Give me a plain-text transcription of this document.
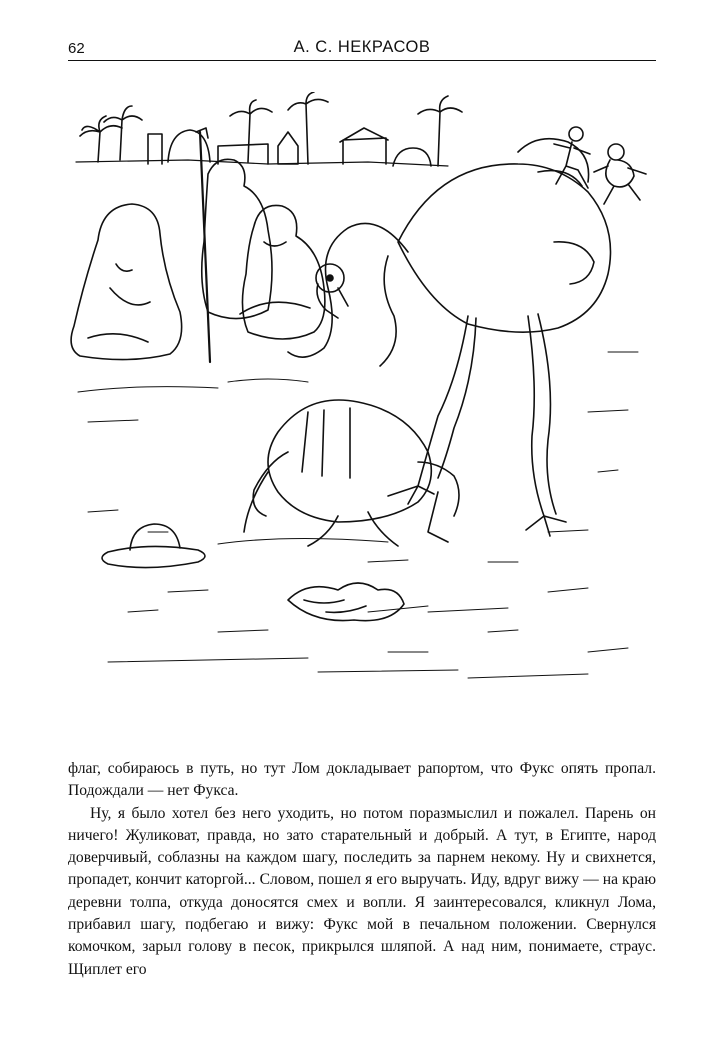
62	А. С. НЕКРАСОВ

флаг, собираюсь в путь, но тут Лом докладывает рапортом, что Фукс опять пропал. Подождали — нет Фукса.

Ну, я было хотел без него уходить, но потом поразмыслил и пожалел. Парень он ничего! Жуликоват, правда, но зато старательный и добрый. А тут, в Египте, народ доверчивый, соблазны на каждом шагу, последить за парнем некому. Ну и свихнется, пропадет, кончит каторгой... Словом, пошел я его выручать. Иду, вдруг вижу — на краю деревни толпа, откуда доносятся смех и вопли. Я заинтересовался, кликнул Лома, прибавил шагу, подбегаю и вижу: Фукс мой в печальном положении. Свернулся комочком, зарыл голову в песок, прикрылся шляпой. А над ним, понимаете, страус. Щиплет его
